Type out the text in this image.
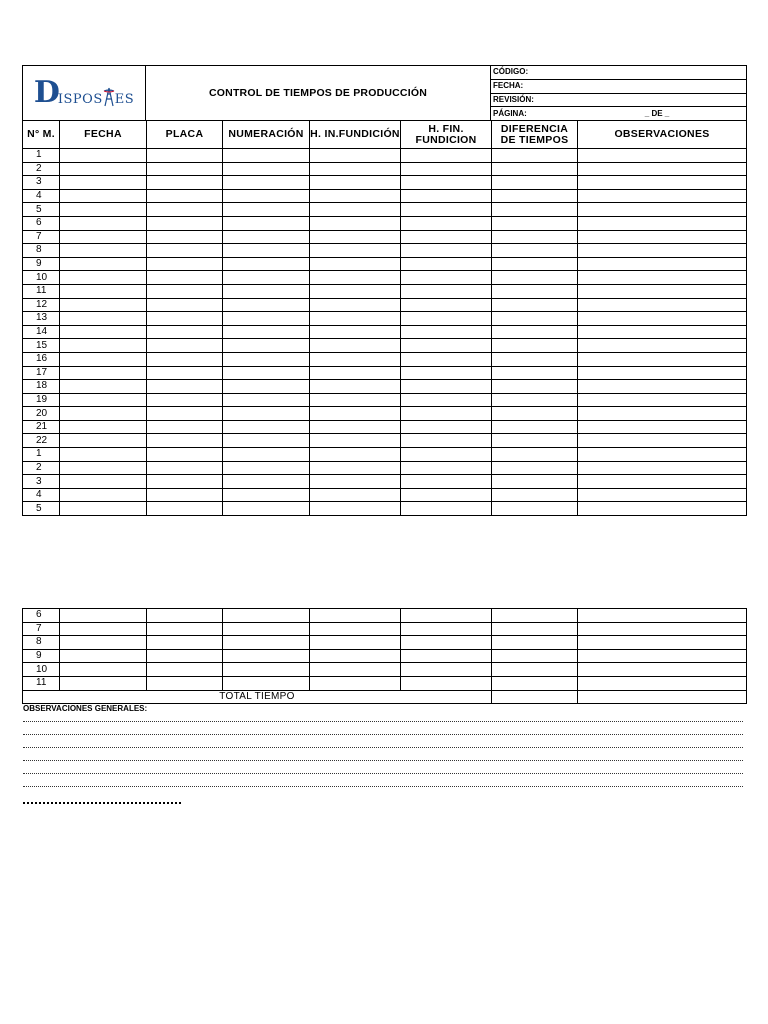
D
ISPOS ES	CONTROL DE TIEMPOS DE PRODUCCIÓN	CÓDIGO:
FECHA:
REVISIÓN:
PÁGINA:	_ DE _
N° M.	FECHA	PLACA	NUMERACIÓN	H. IN.FUNDICIÓN	H. FIN. FUNDICION	DIFERENCIA DE TIEMPOS	OBSERVACIONES
1							
2							
3							
4							
5							
6							
7							
8							
9							
10							
11							
12							
13							
14							
15							
16							
17							
18							
19							
20							
21							
22							
1							
2							
3							
4							
5							
6							
7							
8							
9							
10							
11							
TOTAL TIEMPO							
OBSERVACIONES GENERALES:
